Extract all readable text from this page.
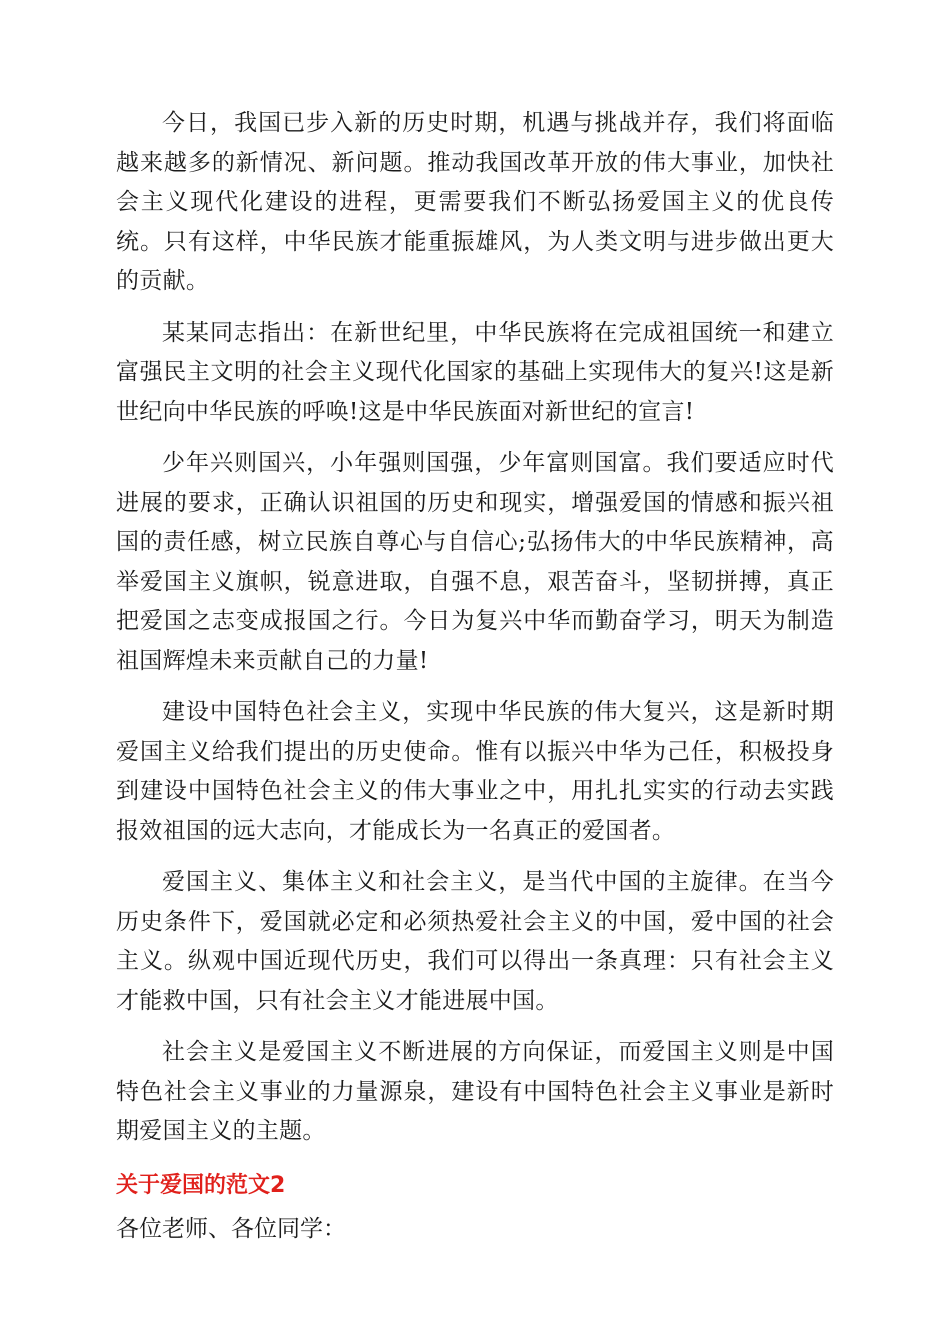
今日，我国已步入新的历史时期，机遇与挑战并存，我们将面临越来越多的新情况、新问题。推动我国改革开放的伟大事业，加快社会主义现代化建设的进程，更需要我们不断弘扬爱国主义的优良传统。只有这样，中华民族才能重振雄风，为人类文明与进步做出更大的贡献。

某某同志指出：在新世纪里，中华民族将在完成祖国统一和建立富强民主文明的社会主义现代化国家的基础上实现伟大的复兴!这是新世纪向中华民族的呼唤!这是中华民族面对新世纪的宣言!

少年兴则国兴，小年强则国强，少年富则国富。我们要适应时代进展的要求，正确认识祖国的历史和现实，增强爱国的情感和振兴祖国的责任感，树立民族自尊心与自信心;弘扬伟大的中华民族精神，高举爱国主义旗帜，锐意进取，自强不息，艰苦奋斗，坚韧拼搏，真正把爱国之志变成报国之行。今日为复兴中华而勤奋学习，明天为制造祖国辉煌未来贡献自己的力量!

建设中国特色社会主义，实现中华民族的伟大复兴，这是新时期爱国主义给我们提出的历史使命。惟有以振兴中华为己任，积极投身到建设中国特色社会主义的伟大事业之中，用扎扎实实的行动去实践报效祖国的远大志向，才能成长为一名真正的爱国者。

爱国主义、集体主义和社会主义，是当代中国的主旋律。在当今历史条件下，爱国就必定和必须热爱社会主义的中国，爱中国的社会主义。纵观中国近现代历史，我们可以得出一条真理：只有社会主义才能救中国，只有社会主义才能进展中国。

社会主义是爱国主义不断进展的方向保证，而爱国主义则是中国特色社会主义事业的力量源泉，建设有中国特色社会主义事业是新时期爱国主义的主题。

关于爱国的范文2

各位老师、各位同学：
